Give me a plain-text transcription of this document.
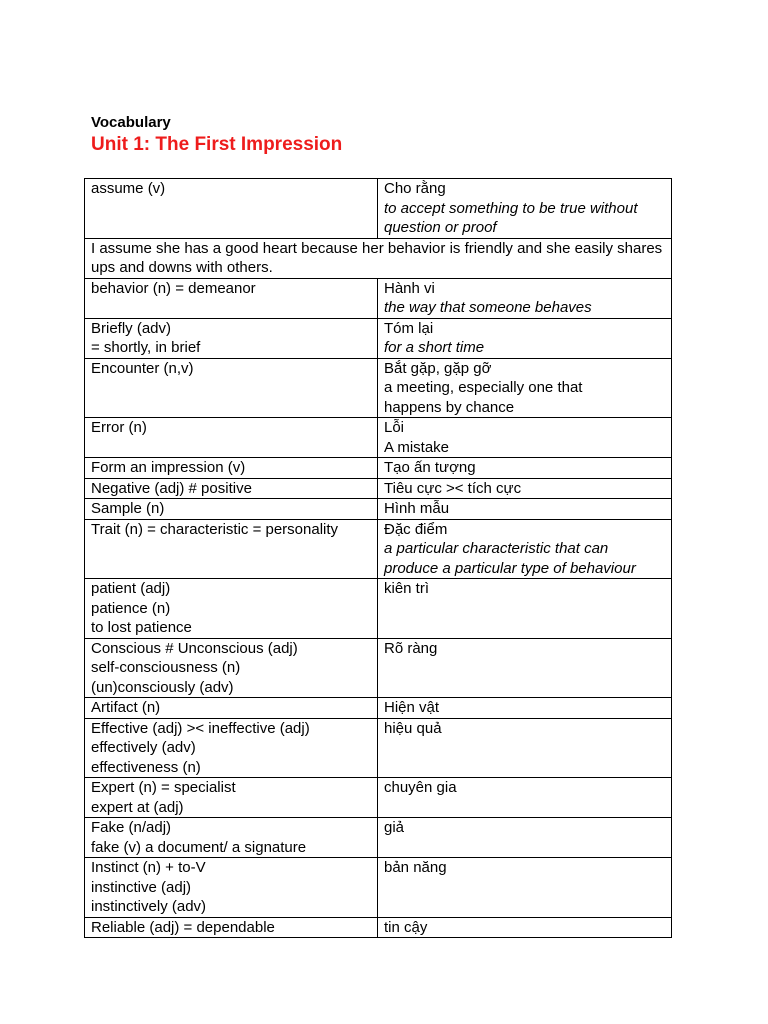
Vocabulary
Unit 1: The First Impression
assume (v)	Cho rằng
to accept something to be true without
question or proof

I assume she has a good heart because her behavior is friendly and she easily shares ups and downs with others.	

behavior (n) = demeanor	Hành vi
the way that someone behaves

Briefly (adv)
= shortly, in brief	Tóm lại
for a short time

Encounter (n,v)	Bắt gặp, gặp gỡ
a meeting, especially one that
happens by chance

Error (n)	Lỗi
A mistake

Form an impression (v)	Tạo ấn tượng

Negative (adj) # positive	Tiêu cực >< tích cực

Sample (n)	Hình mẫu

Trait (n) = characteristic = personality	Đặc điểm
a particular characteristic that can
produce a particular type of behaviour

patient (adj)
patience (n)
to lost patience	kiên trì

Conscious # Unconscious (adj)
self-consciousness (n)
(un)consciously (adv)	Rõ ràng

Artifact (n)	Hiện vật

Effective (adj) >< ineffective (adj)
effectively (adv)
effectiveness (n)	hiệu quả

Expert (n) = specialist
expert at (adj)	chuyên gia

Fake (n/adj)
fake (v) a document/ a signature	giả

Instinct (n) + to-V
instinctive (adj)
instinctively (adv)	bản năng

Reliable (adj) = dependable	tin cậy
